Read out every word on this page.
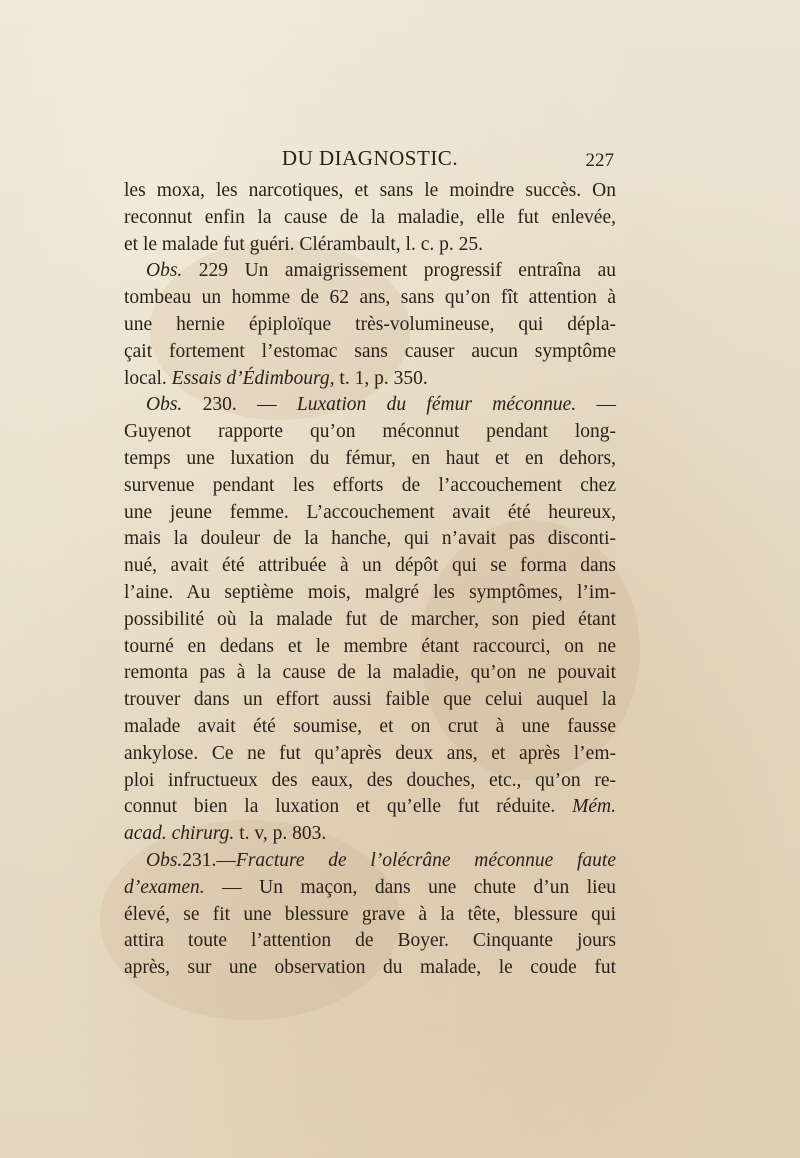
DU DIAGNOSTIC.	227
les moxa, les narcotiques, et sans le moindre succès. On
reconnut enfin la cause de la maladie, elle fut enlevée,
et le malade fut guéri. Clérambault, l. c. p. 25.
Obs. 229 Un amaigrissement progressif entraîna au
tombeau un homme de 62 ans, sans qu’on fît attention à
une hernie épiploïque très-volumineuse, qui dépla-
çait fortement l’estomac sans causer aucun symptôme
local. Essais d’Édimbourg, t. 1, p. 350.
Obs. 230. — Luxation du fémur méconnue. —
Guyenot rapporte qu’on méconnut pendant long-
temps une luxation du fémur, en haut et en dehors,
survenue pendant les efforts de l’accouchement chez
une jeune femme. L’accouchement avait été heureux,
mais la douleur de la hanche, qui n’avait pas disconti-
nué, avait été attribuée à un dépôt qui se forma dans
l’aine. Au septième mois, malgré les symptômes, l’im-
possibilité où la malade fut de marcher, son pied étant
tourné en dedans et le membre étant raccourci, on ne
remonta pas à la cause de la maladie, qu’on ne pouvait
trouver dans un effort aussi faible que celui auquel la
malade avait été soumise, et on crut à une fausse
ankylose. Ce ne fut qu’après deux ans, et après l’em-
ploi infructueux des eaux, des douches, etc., qu’on re-
connut bien la luxation et qu’elle fut réduite. Mém.
acad. chirurg. t. v, p. 803.
Obs.231.—Fracture de l’olécrâne méconnue faute
d’examen. — Un maçon, dans une chute d’un lieu
élevé, se fit une blessure grave à la tête, blessure qui
attira toute l’attention de Boyer. Cinquante jours
après, sur une observation du malade, le coude fut
